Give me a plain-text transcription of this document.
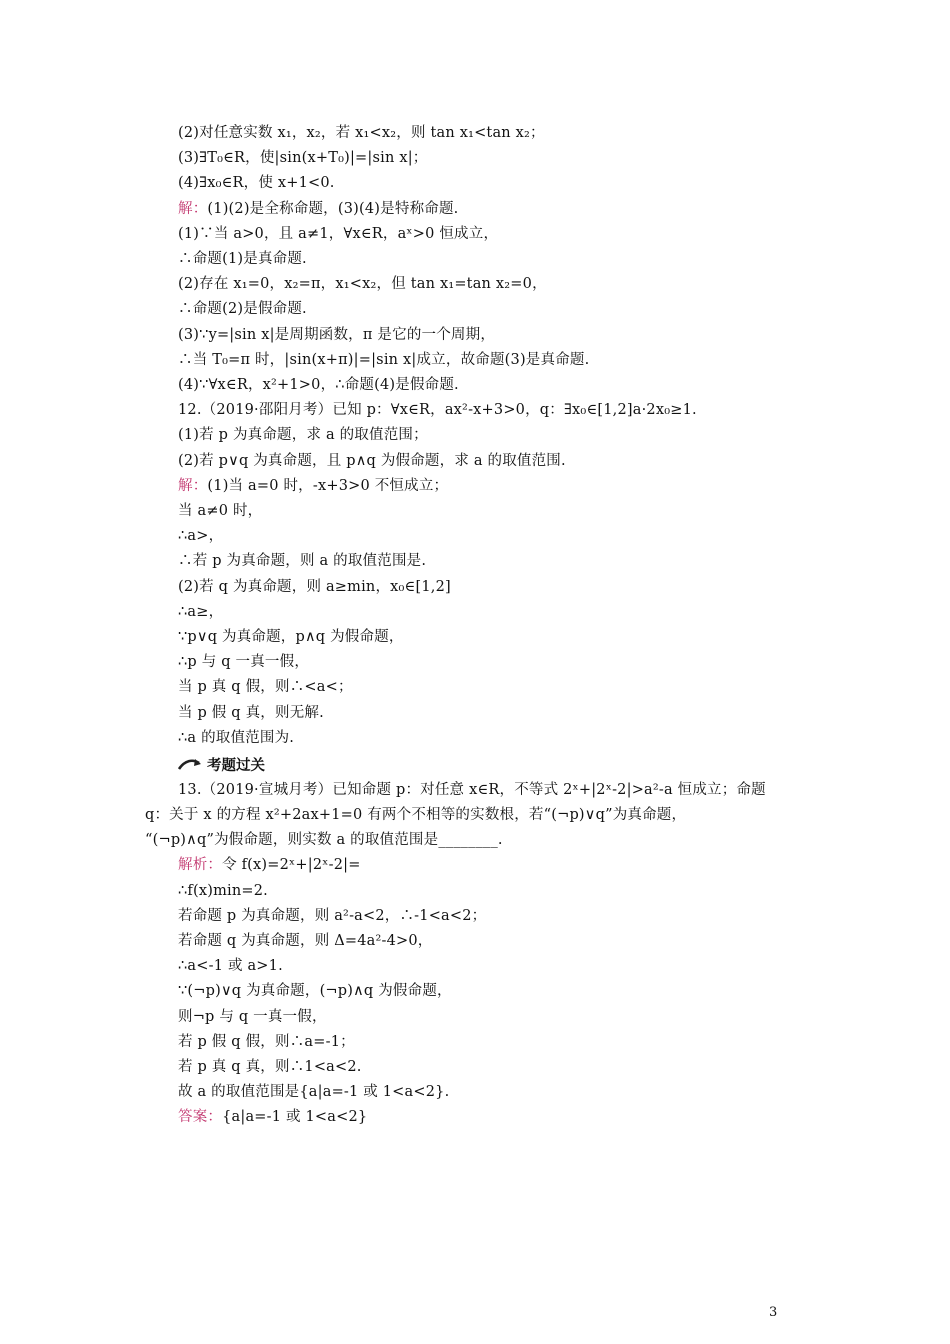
(2)对任意实数 x₁，x₂，若 x₁<x₂，则 tan x₁<tan x₂；
(3)∃T₀∈R，使|sin(x+T₀)|=|sin x|；
(4)∃x₀∈R，使 x+1<0.
解：(1)(2)是全称命题，(3)(4)是特称命题.
(1)∵当 a>0，且 a≠1，∀x∈R，aˣ>0 恒成立，
∴命题(1)是真命题.
(2)存在 x₁=0，x₂=π，x₁<x₂，但 tan x₁=tan x₂=0，
∴命题(2)是假命题.
(3)∵y=|sin x|是周期函数，π 是它的一个周期，
∴当 T₀=π 时，|sin(x+π)|=|sin x|成立，故命题(3)是真命题.
(4)∵∀x∈R，x²+1>0，∴命题(4)是假命题.
12.（2019·邵阳月考）已知 p：∀x∈R，ax²-x+3>0，q：∃x₀∈[1,2]a·2x₀≥1.
(1)若 p 为真命题，求 a 的取值范围；
(2)若 p∨q 为真命题，且 p∧q 为假命题，求 a 的取值范围.
解：(1)当 a=0 时，-x+3>0 不恒成立；
当 a≠0 时，
∴a>，
∴若 p 为真命题，则 a 的取值范围是.
(2)若 q 为真命题，则 a≥min，x₀∈[1,2]
∴a≥，
∵p∨q 为真命题，p∧q 为假命题，
∴p 与 q 一真一假，
当 p 真 q 假，则∴<a<；
当 p 假 q 真，则无解.
∴a 的取值范围为.
考题过关
13.（2019·宣城月考）已知命题 p：对任意 x∈R，不等式 2ˣ+|2ˣ-2|>a²-a 恒成立；命题
q：关于 x 的方程 x²+2ax+1=0 有两个不相等的实数根，若“(¬p)∨q”为真命题，
“(¬p)∧q”为假命题，则实数 a 的取值范围是________.
解析：令 f(x)=2ˣ+|2ˣ-2|=
∴f(x)min=2.
若命题 p 为真命题，则 a²-a<2，∴-1<a<2；
若命题 q 为真命题，则 Δ=4a²-4>0，
∴a<-1 或 a>1.
∵(¬p)∨q 为真命题，(¬p)∧q 为假命题，
则¬p 与 q 一真一假，
若 p 假 q 假，则∴a=-1；
若 p 真 q 真，则∴1<a<2.
故 a 的取值范围是{a|a=-1 或 1<a<2}.
答案：{a|a=-1 或 1<a<2}
3
